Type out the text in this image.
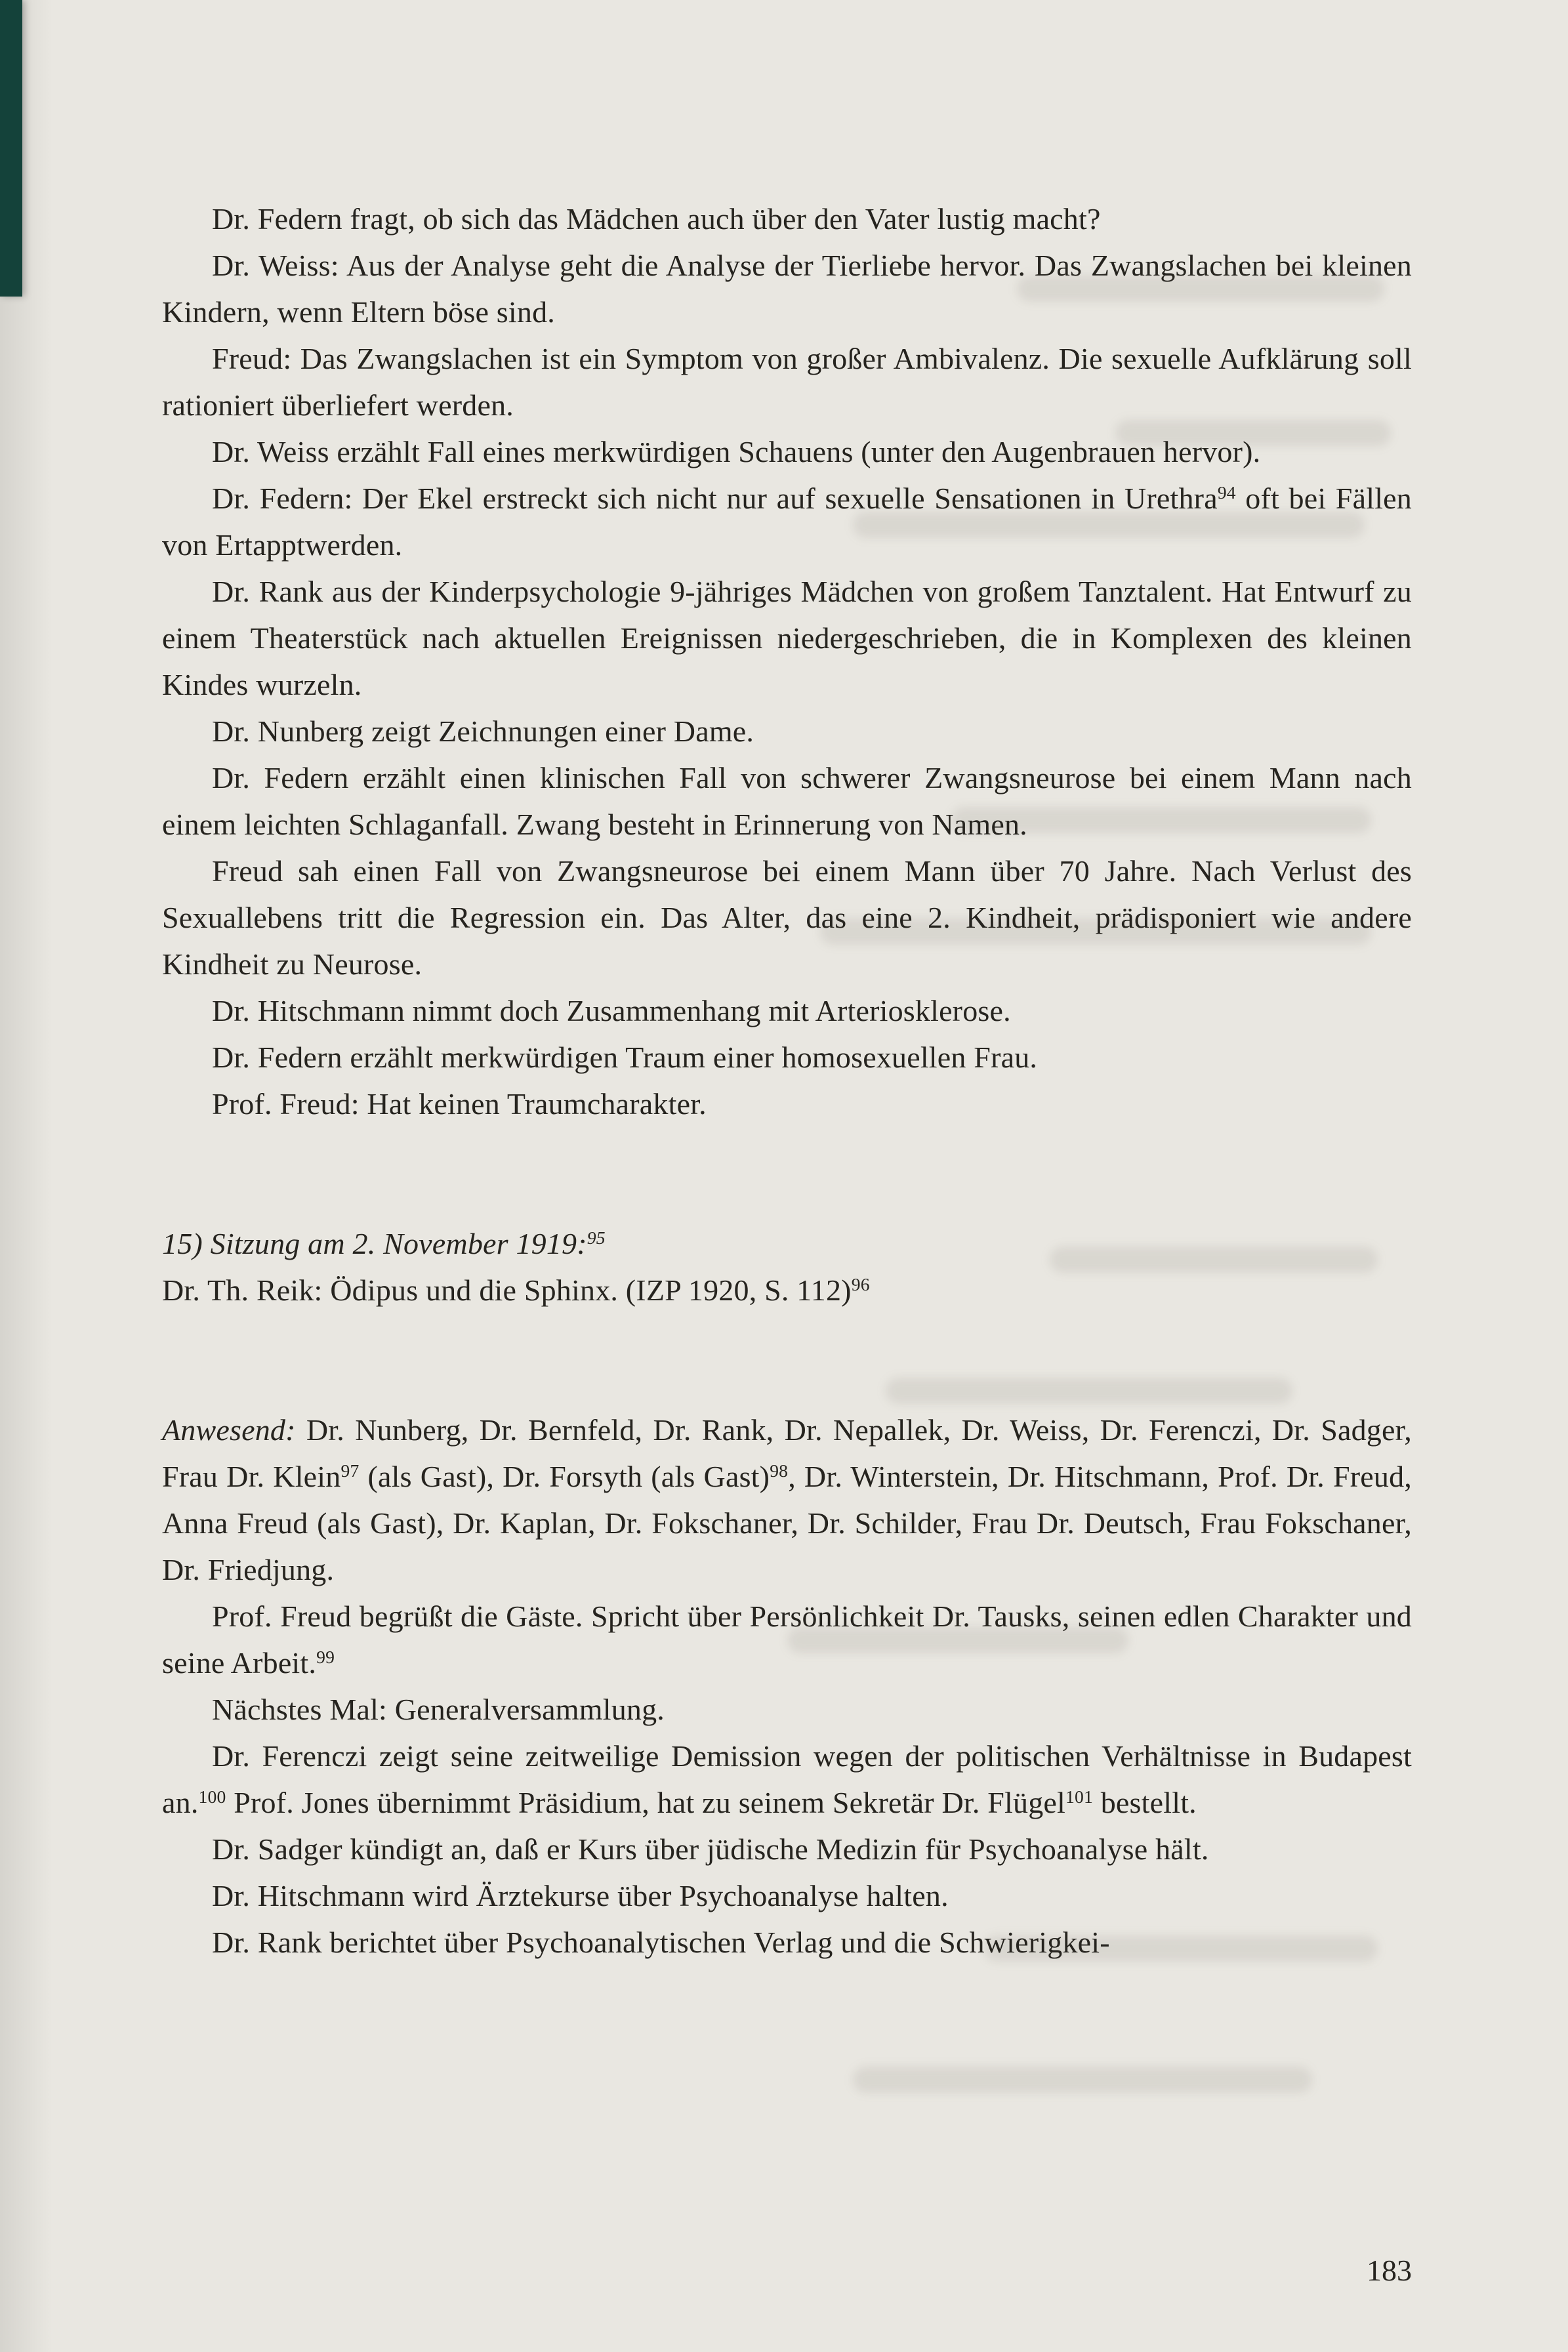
Dr. Federn fragt, ob sich das Mädchen auch über den Vater lustig macht?

Dr. Weiss: Aus der Analyse geht die Analyse der Tierliebe hervor. Das Zwangslachen bei kleinen Kindern, wenn Eltern böse sind.

Freud: Das Zwangslachen ist ein Symptom von großer Ambivalenz. Die sexuelle Aufklärung soll rationiert überliefert werden.

Dr. Weiss erzählt Fall eines merkwürdigen Schauens (unter den Augenbrauen hervor).

Dr. Federn: Der Ekel erstreckt sich nicht nur auf sexuelle Sensationen in Urethra$^{94}$ oft bei Fällen von Ertapptwerden.

Dr. Rank aus der Kinderpsychologie 9-jähriges Mädchen von großem Tanztalent. Hat Entwurf zu einem Theaterstück nach aktuellen Ereignissen niedergeschrieben, die in Komplexen des kleinen Kindes wurzeln.

Dr. Nunberg zeigt Zeichnungen einer Dame.

Dr. Federn erzählt einen klinischen Fall von schwerer Zwangsneurose bei einem Mann nach einem leichten Schlaganfall. Zwang besteht in Erinnerung von Namen.

Freud sah einen Fall von Zwangsneurose bei einem Mann über 70 Jahre. Nach Verlust des Sexuallebens tritt die Regression ein. Das Alter, das eine 2. Kindheit, prädisponiert wie andere Kindheit zu Neurose.

Dr. Hitschmann nimmt doch Zusammenhang mit Arteriosklerose.

Dr. Federn erzählt merkwürdigen Traum einer homosexuellen Frau.

Prof. Freud: Hat keinen Traumcharakter.

15) Sitzung am 2. November 1919:$^{95}$

Dr. Th. Reik: Ödipus und die Sphinx. (IZP 1920, S. 112)$^{96}$

Anwesend: Dr. Nunberg, Dr. Bernfeld, Dr. Rank, Dr. Nepallek, Dr. Weiss, Dr. Ferenczi, Dr. Sadger, Frau Dr. Klein$^{97}$ (als Gast), Dr. Forsyth (als Gast)$^{98}$, Dr. Winterstein, Dr. Hitschmann, Prof. Dr. Freud, Anna Freud (als Gast), Dr. Kaplan, Dr. Fokschaner, Dr. Schilder, Frau Dr. Deutsch, Frau Fokschaner, Dr. Friedjung.

Prof. Freud begrüßt die Gäste. Spricht über Persönlichkeit Dr. Tausks, seinen edlen Charakter und seine Arbeit.$^{99}$

Nächstes Mal: Generalversammlung.

Dr. Ferenczi zeigt seine zeitweilige Demission wegen der politischen Verhältnisse in Budapest an.$^{100}$ Prof. Jones übernimmt Präsidium, hat zu seinem Sekretär Dr. Flügel$^{101}$ bestellt.

Dr. Sadger kündigt an, daß er Kurs über jüdische Medizin für Psychoanalyse hält.

Dr. Hitschmann wird Ärztekurse über Psychoanalyse halten.

Dr. Rank berichtet über Psychoanalytischen Verlag und die Schwierigkei-

183
